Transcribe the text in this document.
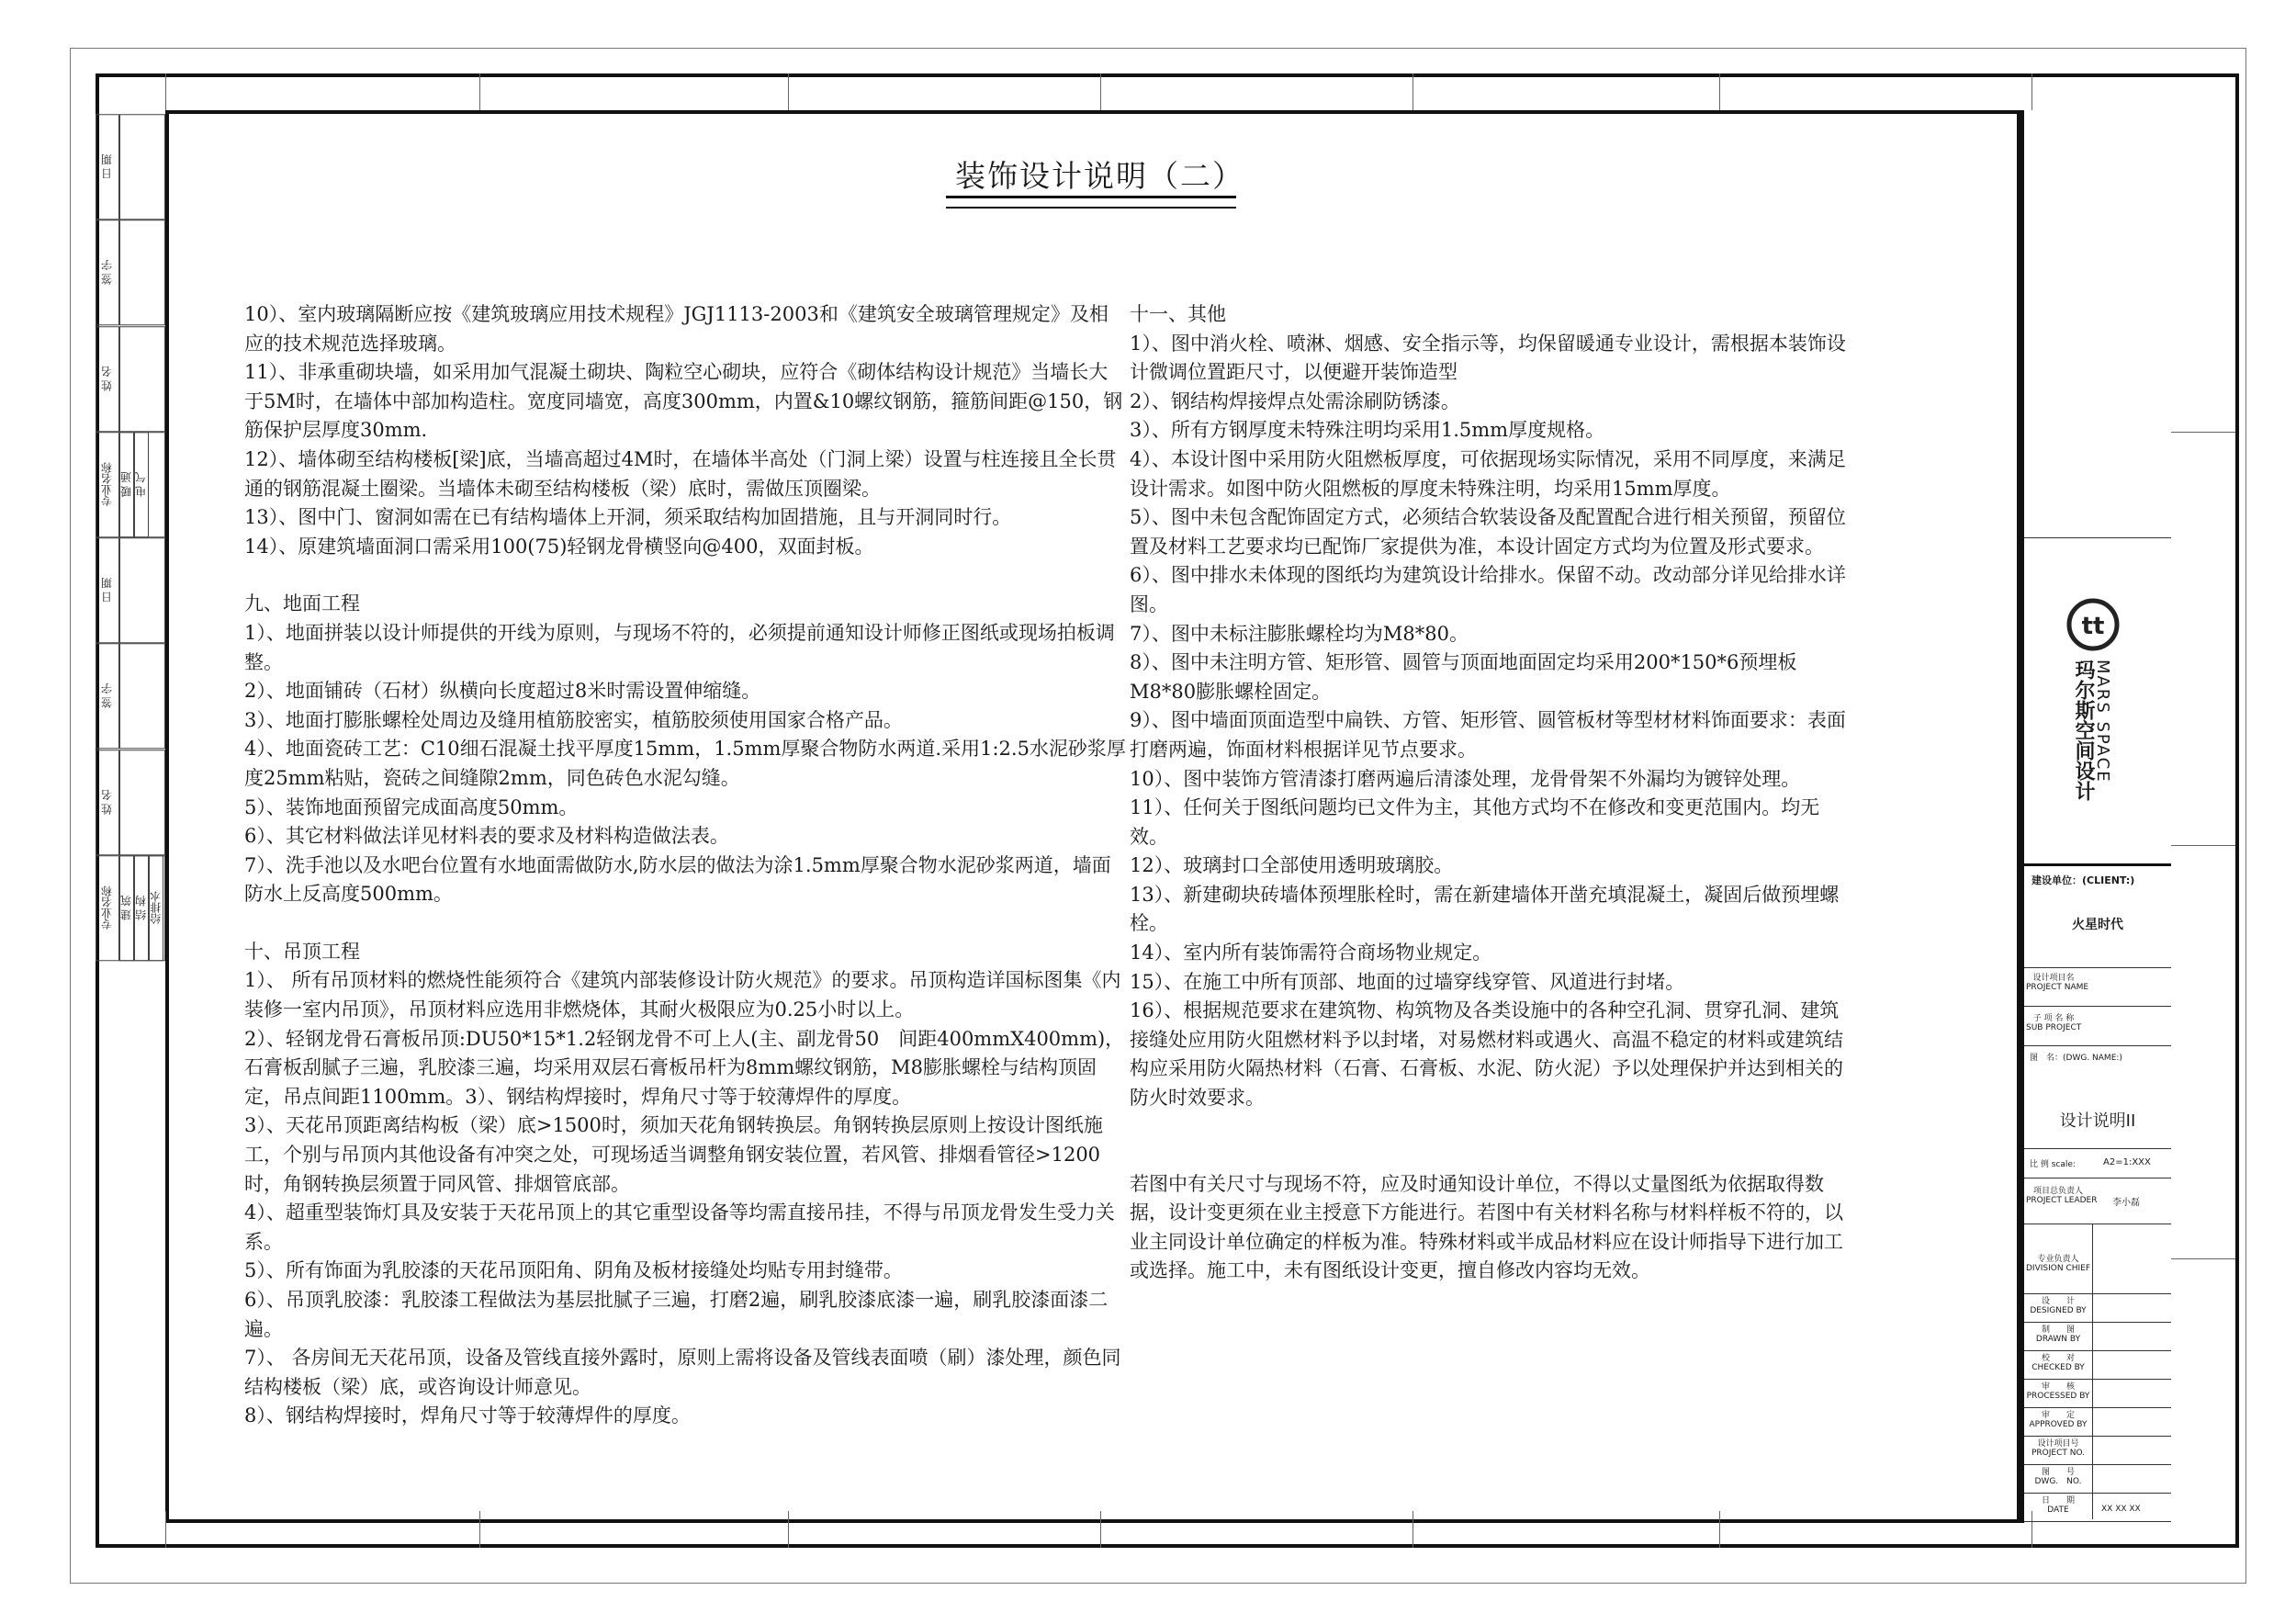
日 期
签 字
姓 名
专业名称
日 期
签 字
姓 名
专业名称
暖 通 电 气
建 筑 结 构 给排水
装饰设计说明（二）

10）、室内玻璃隔断应按《建筑玻璃应用技术规程》JGJ1113-2003和《建筑安全玻璃管理规定》及相应的技术规范选择玻璃。

11）、非承重砌块墙，如采用加气混凝土砌块、陶粒空心砌块，应符合《砌体结构设计规范》当墙长大于5M时，在墙体中部加构造柱。宽度同墙宽，高度300mm，内置&10螺纹钢筋，箍筋间距@150，钢筋保护层厚度30mm.

12）、墙体砌至结构楼板[梁]底，当墙高超过4M时，在墙体半高处（门洞上梁）设置与柱连接且全长贯通的钢筋混凝土圈梁。当墙体未砌至结构楼板（梁）底时，需做压顶圈梁。

13）、图中门、窗洞如需在已有结构墙体上开洞，须采取结构加固措施，且与开洞同时行。

14）、原建筑墙面洞口需采用100(75)轻钢龙骨横竖向@400，双面封板。

九、地面工程

1）、地面拼装以设计师提供的开线为原则，与现场不符的，必须提前通知设计师修正图纸或现场拍板调整。

2）、地面铺砖（石材）纵横向长度超过8米时需设置伸缩缝。

3）、地面打膨胀螺栓处周边及缝用植筋胶密实，植筋胶须使用国家合格产品。

4）、地面瓷砖工艺：C10细石混凝土找平厚度15mm，1.5mm厚聚合物防水两道.采用1:2.5水泥砂浆厚度25mm粘贴，瓷砖之间缝隙2mm，同色砖色水泥勾缝。

5）、装饰地面预留完成面高度50mm。

6）、其它材料做法详见材料表的要求及材料构造做法表。

7）、洗手池以及水吧台位置有水地面需做防水,防水层的做法为涂1.5mm厚聚合物水泥砂浆两道，墙面防水上反高度500mm。

十、吊顶工程

1）、 所有吊顶材料的燃烧性能须符合《建筑内部装修设计防火规范》的要求。吊顶构造详国标图集《内装修一室内吊顶》，吊顶材料应选用非燃烧体，其耐火极限应为0.25小时以上。

2）、轻钢龙骨石膏板吊顶:DU50*15*1.2轻钢龙骨不可上人(主、副龙骨50　间距400mmX400mm)，石膏板刮腻子三遍，乳胶漆三遍，均采用双层石膏板吊杆为8mm螺纹钢筋，M8膨胀螺栓与结构顶固定，吊点间距1100mm。3）、钢结构焊接时，焊角尺寸等于较薄焊件的厚度。

3）、天花吊顶距离结构板（梁）底>1500时，须加天花角钢转换层。角钢转换层原则上按设计图纸施工，个别与吊顶内其他设备有冲突之处，可现场适当调整角钢安装位置，若风管、排烟看管径>1200时，角钢转换层须置于同风管、排烟管底部。

4）、超重型装饰灯具及安装于天花吊顶上的其它重型设备等均需直接吊挂，不得与吊顶龙骨发生受力关系。

5）、所有饰面为乳胶漆的天花吊顶阳角、阴角及板材接缝处均贴专用封缝带。

6）、吊顶乳胶漆：乳胶漆工程做法为基层批腻子三遍，打磨2遍，刷乳胶漆底漆一遍，刷乳胶漆面漆二遍。

7）、 各房间无天花吊顶，设备及管线直接外露时，原则上需将设备及管线表面喷（刷）漆处理，颜色同结构楼板（梁）底，或咨询设计师意见。

8）、钢结构焊接时，焊角尺寸等于较薄焊件的厚度。

十一、其他

1）、图中消火栓、喷淋、烟感、安全指示等，均保留暖通专业设计，需根据本装饰设计微调位置距尺寸，以便避开装饰造型

2）、钢结构焊接焊点处需涂刷防锈漆。

3）、所有方钢厚度未特殊注明均采用1.5mm厚度规格。

4）、本设计图中采用防火阻燃板厚度，可依据现场实际情况，采用不同厚度，来满足设计需求。如图中防火阻燃板的厚度未特殊注明，均采用15mm厚度。

5）、图中未包含配饰固定方式，必须结合软装设备及配置配合进行相关预留，预留位置及材料工艺要求均已配饰厂家提供为准，本设计固定方式均为位置及形式要求。

6）、图中排水未体现的图纸均为建筑设计给排水。保留不动。改动部分详见给排水详图。

7）、图中未标注膨胀螺栓均为M8*80。

8）、图中未注明方管、矩形管、圆管与顶面地面固定均采用200*150*6预埋板M8*80膨胀螺栓固定。

9）、图中墙面顶面造型中扁铁、方管、矩形管、圆管板材等型材材料饰面要求：表面打磨两遍，饰面材料根据详见节点要求。

10）、图中装饰方管清漆打磨两遍后清漆处理，龙骨骨架不外漏均为镀锌处理。

11）、任何关于图纸问题均已文件为主，其他方式均不在修改和变更范围内。均无效。

12）、玻璃封口全部使用透明玻璃胶。

13）、新建砌块砖墙体预埋胀栓时，需在新建墙体开凿充填混凝土，凝固后做预埋螺栓。

14）、室内所有装饰需符合商场物业规定。

15）、在施工中所有顶部、地面的过墙穿线穿管、风道进行封堵。

16）、根据规范要求在建筑物、构筑物及各类设施中的各种空孔洞、贯穿孔洞、建筑接缝处应用防火阻燃材料予以封堵，对易燃材料或遇火、高温不稳定的材料或建筑结构应采用防火隔热材料（石膏、石膏板、水泥、防火泥）予以处理保护并达到相关的防火时效要求。

若图中有关尺寸与现场不符，应及时通知设计单位，不得以丈量图纸为依据取得数据，设计变更须在业主授意下方能进行。若图中有关材料名称与材料样板不符的，以业主同设计单位确定的样板为准。特殊材料或半成品材料应在设计师指导下进行加工或选择。施工中，未有图纸设计变更，擅自修改内容均无效。

tt
MARS SPACE
玛尔斯空间设计
建设单位：(CLIENT:)
火星时代
设计项目名
PROJECT NAME
子 项 名 称
SUB PROJECT
图　名：(DWG. NAME:)
设计说明II
比 例 scale:	A2=1:XXX
项目总负责人
PROJECT LEADER 李小磊
专业负责人
DIVISION CHIEF
设　　计
DESIGNED BY
制　　图
DRAWN BY
校　　对
CHECKED BY
审　　核
PROCESSED BY
审　　定
APPROVED BY
设计项目号
PROJECT NO.
图　　号
DWG.　NO.
日　　期
DATE	XX XX XX
